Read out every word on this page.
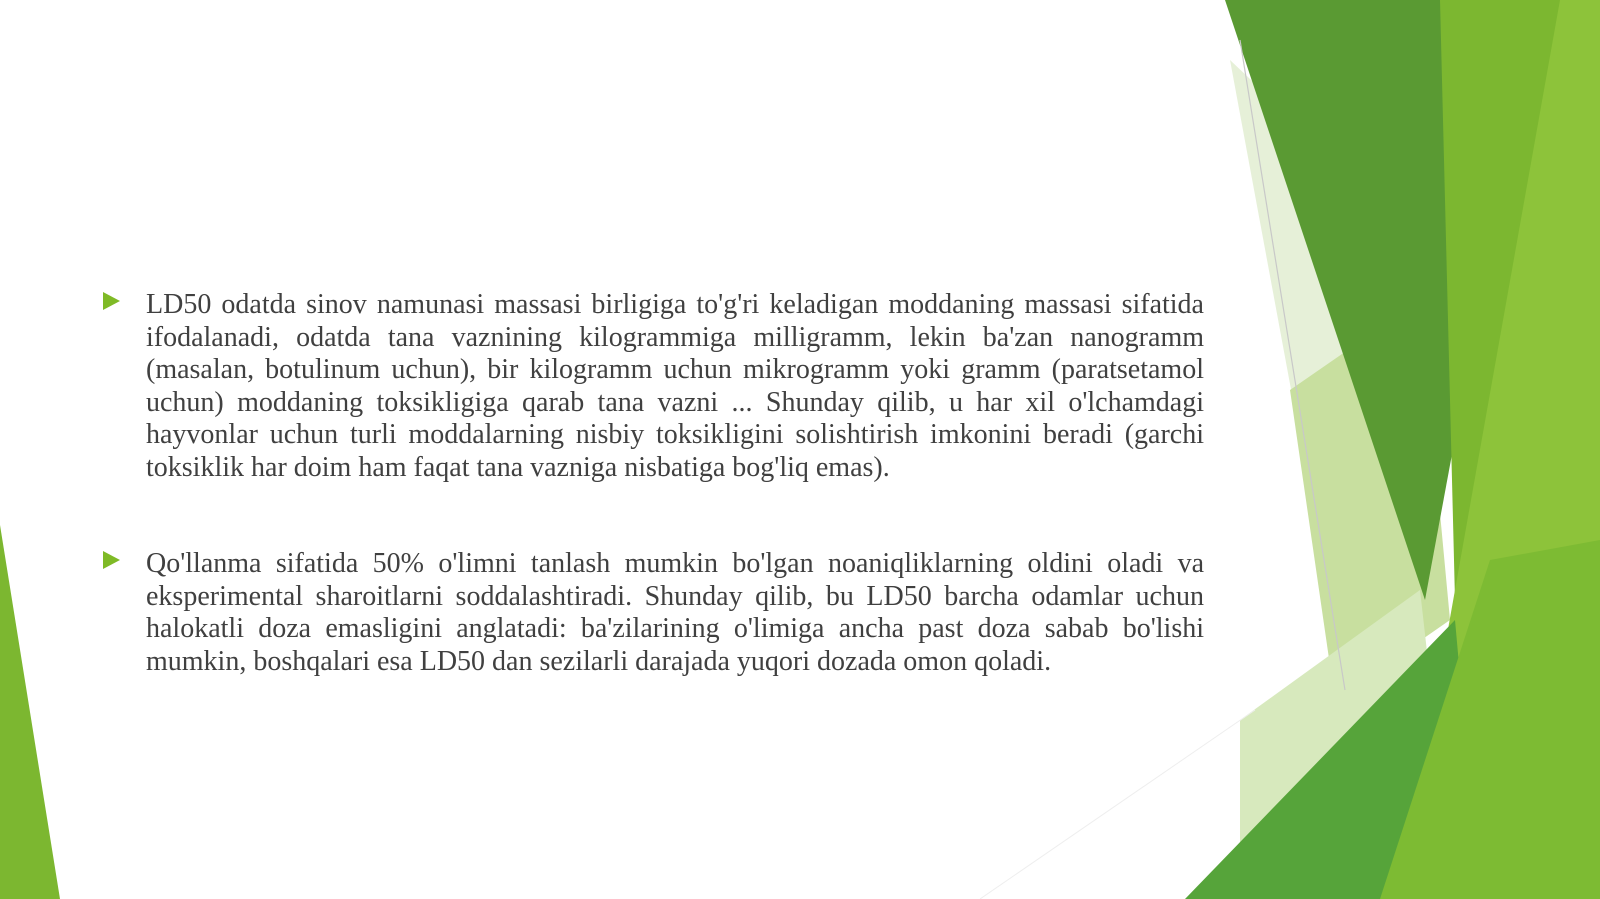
LD50 odatda sinov namunasi massasi birligiga to'g'ri keladigan moddaning massasi sifatida ifodalanadi, odatda tana vaznining kilogrammiga milligramm, lekin ba'zan nanogramm (masalan, botulinum uchun), bir kilogramm uchun mikrogramm yoki gramm (paratsetamol uchun) moddaning toksikligiga qarab tana vazni ... Shunday qilib, u har xil o'lchamdagi hayvonlar uchun turli moddalarning nisbiy toksikligini solishtirish imkonini beradi (garchi toksiklik har doim ham faqat tana vazniga nisbatiga bog'liq emas).

Qo'llanma sifatida 50% o'limni tanlash mumkin bo'lgan noaniqliklarning oldini oladi va eksperimental sharoitlarni soddalashtiradi. Shunday qilib, bu LD50 barcha odamlar uchun halokatli doza emasligini anglatadi: ba'zilarining o'limiga ancha past doza sabab bo'lishi mumkin, boshqalari esa LD50 dan sezilarli darajada yuqori dozada omon qoladi.
